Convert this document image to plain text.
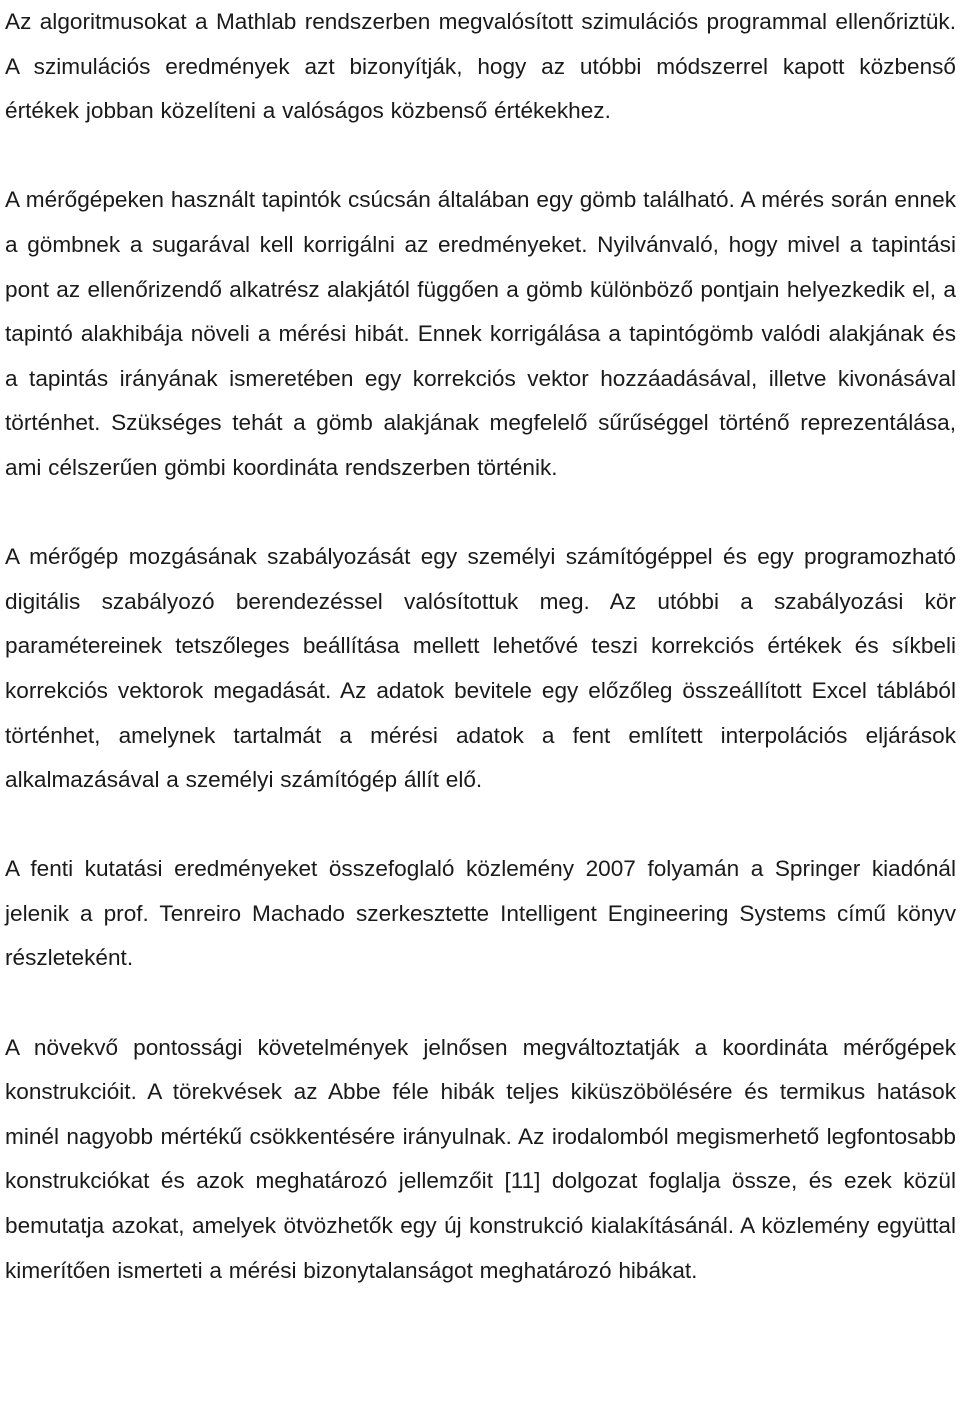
Az algoritmusokat a Mathlab rendszerben megvalósított szimulációs programmal ellenőriztük. A szimulációs eredmények azt bizonyítják, hogy az utóbbi módszerrel kapott közbenső értékek jobban közelíteni a valóságos közbenső értékekhez.

A mérőgépeken használt tapintók csúcsán általában egy gömb található. A mérés során ennek a gömbnek a sugarával kell korrigálni az eredményeket. Nyilvánvaló, hogy mivel a tapintási pont az ellenőrizendő alkatrész alakjától függően a gömb különböző pontjain helyezkedik el, a tapintó alakhibája növeli a mérési hibát. Ennek korrigálása a tapintógömb valódi alakjának és a tapintás irányának ismeretében egy korrekciós vektor hozzáadásával, illetve kivonásával történhet. Szükséges tehát a gömb alakjának megfelelő sűrűséggel történő reprezentálása, ami célszerűen gömbi koordináta rendszerben történik.

A mérőgép mozgásának szabályozását egy személyi számítógéppel és egy programozható digitális szabályozó berendezéssel valósítottuk meg. Az utóbbi a szabályozási kör paramétereinek tetszőleges beállítása mellett lehetővé teszi korrekciós értékek és síkbeli korrekciós vektorok megadását. Az adatok bevitele egy előzőleg összeállított Excel táblából történhet, amelynek tartalmát a mérési adatok a fent említett interpolációs eljárások alkalmazásával a személyi számítógép állít elő.

A fenti kutatási eredményeket összefoglaló közlemény 2007 folyamán a Springer kiadónál jelenik a prof. Tenreiro Machado szerkesztette Intelligent Engineering Systems című könyv részleteként.

A növekvő pontossági követelmények jelnősen megváltoztatják a koordináta mérőgépek konstrukcióit. A törekvések az Abbe féle hibák teljes kiküszöbölésére és termikus hatások minél nagyobb mértékű csökkentésére irányulnak. Az irodalomból megismerhető legfontosabb konstrukciókat és azok meghatározó jellemzőit [11] dolgozat foglalja össze, és ezek közül bemutatja azokat, amelyek ötvözhetők egy új konstrukció kialakításánál. A közlemény együttal kimerítően ismerteti a mérési bizonytalanságot meghatározó hibákat.
